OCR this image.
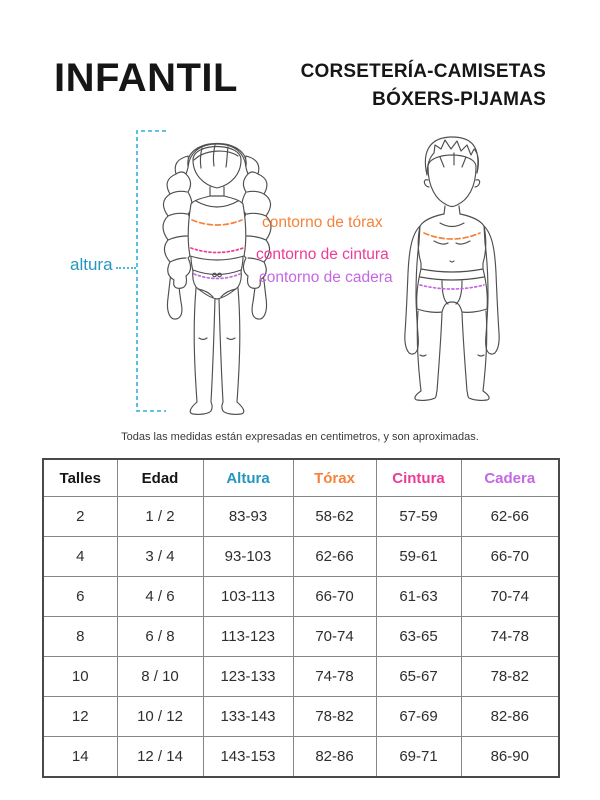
INFANTIL	CORSETERÍA-CAMISETAS
BÓXERS-PIJAMAS
altura
contorno de tórax
contorno de cintura
contorno de cadera
Todas las medidas están expresadas en centimetros, y son aproximadas.
Talles	Edad	Altura	Tórax	Cintura	Cadera
2	1 / 2	83-93	58-62	57-59	62-66
4	3 / 4	93-103	62-66	59-61	66-70
6	4 / 6	103-113	66-70	61-63	70-74
8	6 / 8	113-123	70-74	63-65	74-78
10	8 / 10	123-133	74-78	65-67	78-82
12	10 / 12	133-143	78-82	67-69	82-86
14	12 / 14	143-153	82-86	69-71	86-90
